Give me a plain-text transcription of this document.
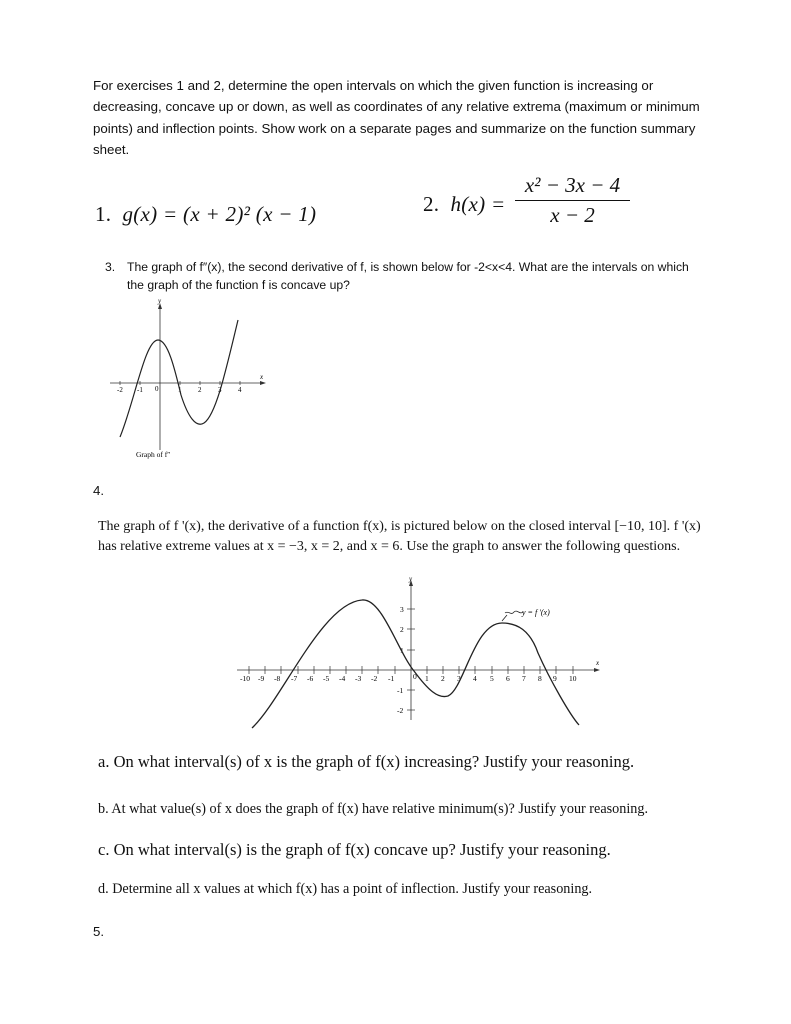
For exercises 1 and 2, determine the open intervals on which the given function is increasing or decreasing, concave up or down, as well as coordinates of any relative extrema (maximum or minimum points) and inflection points. Show work on a separate pages and summarize on the function summary sheet.
1. g(x) = (x + 2)² (x − 1)	2. h(x) =
x² − 3x − 4
x − 2
3. The graph of f″(x), the second derivative of f, is shown below for -2<x<4. What are the intervals on which the graph of the function f is concave up?
y
x
-2 -1 0	1 2 3 4
Graph of f″
4.
The graph of f '(x), the derivative of a function f(x), is pictured below on the closed interval [−10, 10]. f '(x) has relative extreme values at x = −3, x = 2, and x = 6. Use the graph to answer the following questions.
x
y
-10 -9 -8 -7 -6 -5 -4 -3 -2 -1	0 1 2 3 4 5 6 7 8 9 10
3
2
1
-1
-2
y = f '(x)
a. On what interval(s) of x is the graph of f(x) increasing? Justify your reasoning.
b. At what value(s) of x does the graph of f(x) have relative minimum(s)? Justify your reasoning.
c. On what interval(s) is the graph of f(x) concave up? Justify your reasoning.
d. Determine all x values at which f(x) has a point of inflection. Justify your reasoning.
5.
